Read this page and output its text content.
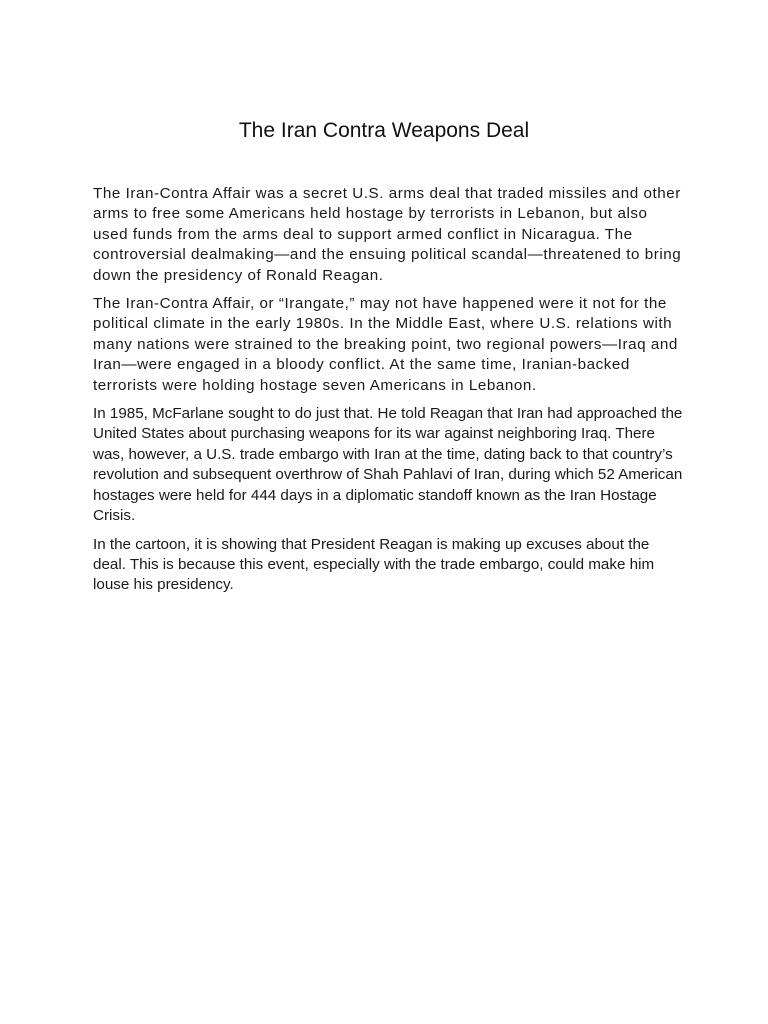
The Iran Contra Weapons Deal

The Iran-Contra Affair was a secret U.S. arms deal that traded missiles and other arms to free some Americans held hostage by terrorists in Lebanon, but also used funds from the arms deal to support armed conflict in Nicaragua. The controversial dealmaking—and the ensuing political scandal—threatened to bring down the presidency of Ronald Reagan.

The Iran-Contra Affair, or “Irangate,” may not have happened were it not for the political climate in the early 1980s. In the Middle East, where U.S. relations with many nations were strained to the breaking point, two regional powers—Iraq and Iran—were engaged in a bloody conflict. At the same time, Iranian-backed terrorists were holding hostage seven Americans in Lebanon.

In 1985, McFarlane sought to do just that. He told Reagan that Iran had approached the United States about purchasing weapons for its war against neighboring Iraq. There was, however, a U.S. trade embargo with Iran at the time, dating back to that country’s revolution and subsequent overthrow of Shah Pahlavi of Iran, during which 52 American hostages were held for 444 days in a diplomatic standoff known as the Iran Hostage Crisis.

In the cartoon, it is showing that President Reagan is making up excuses about the deal. This is because this event, especially with the trade embargo, could make him louse his presidency.
